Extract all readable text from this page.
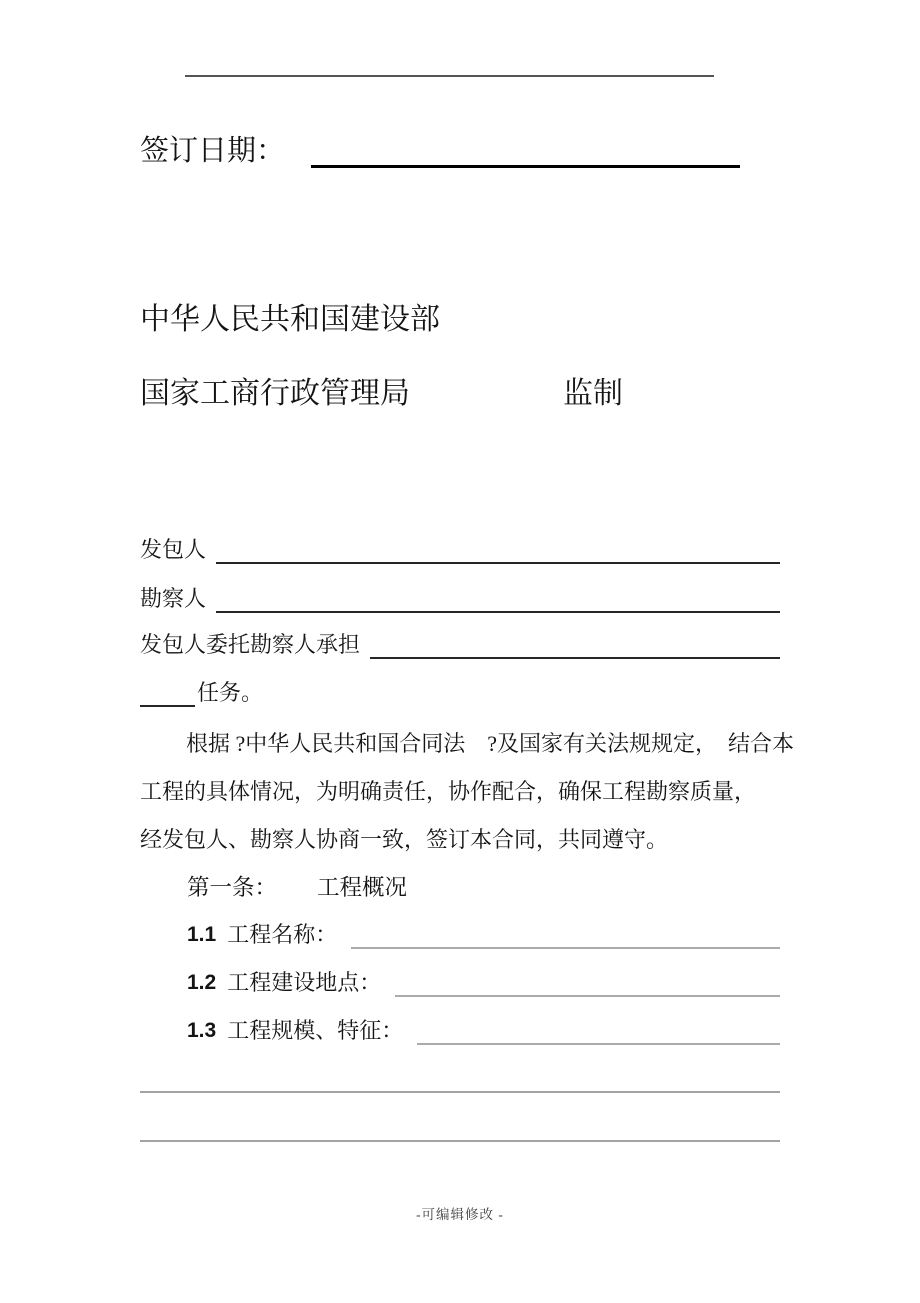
签订日期：
中华人民共和国建设部
国家工商行政管理局	监制
发包人
勘察人
发包人委托勘察人承担
任务。
根据 ?中华人民共和国合同法　?及国家有关法规规定，　结合本
工程的具体情况，为明确责任，协作配合，确保工程勘察质量，
经发包人、勘察人协商一致，签订本合同，共同遵守。
第一条： 工程概况
1.1 工程名称：
1.2 工程建设地点：
1.3 工程规模、特征：
-可编辑修改 -
